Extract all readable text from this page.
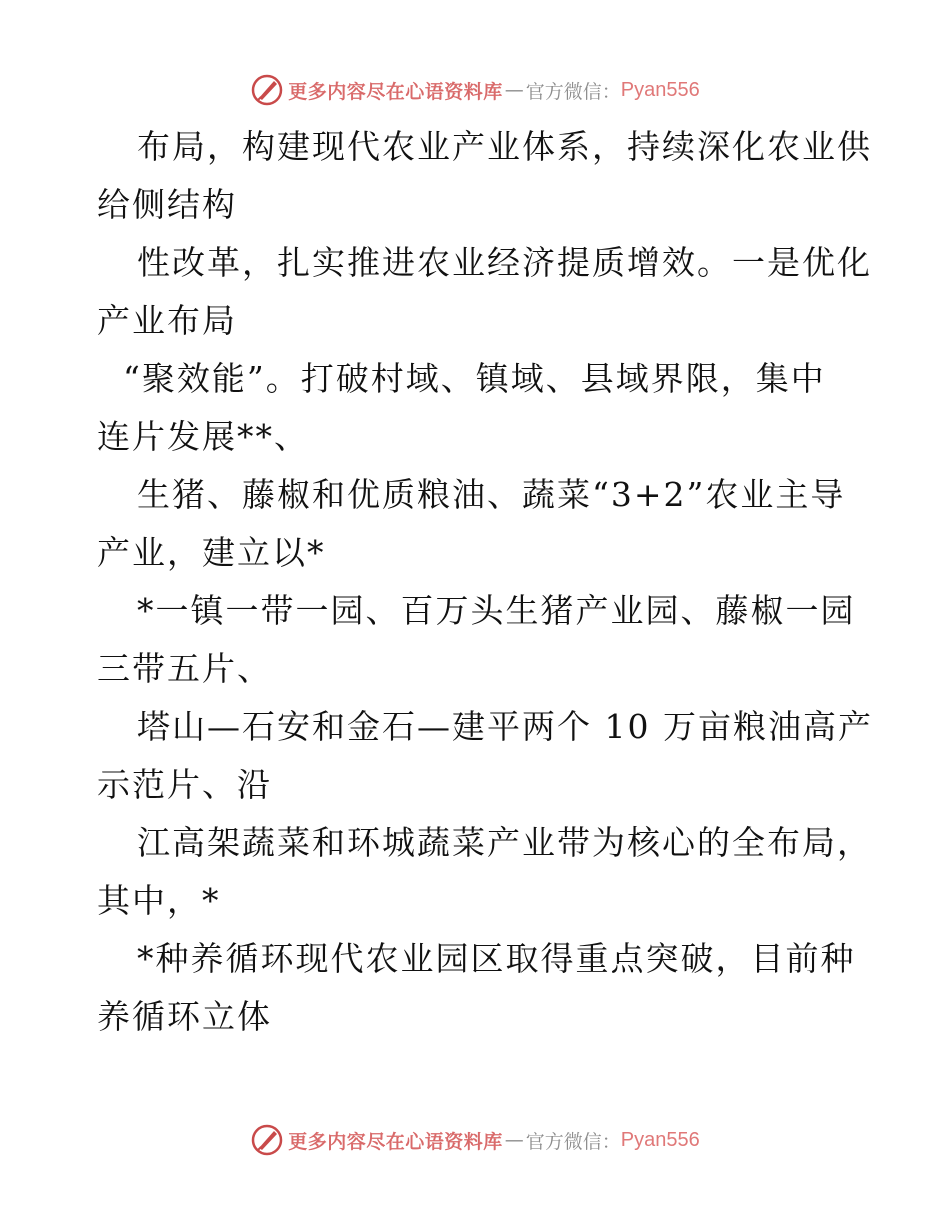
更多内容尽在心语资料库 — 官方微信： Pyan556
布局，构建现代农业产业体系，持续深化农业供
给侧结构
性改革，扎实推进农业经济提质增效。一是优化
产业布局
“聚效能”。打破村域、镇域、县域界限，集中
连片发展**、
生猪、藤椒和优质粮油、蔬菜“3+2”农业主导
产业，建立以*
*一镇一带一园、百万头生猪产业园、藤椒一园
三带五片、
塔山—石安和金石—建平两个 10 万亩粮油高产
示范片、沿
江高架蔬菜和环城蔬菜产业带为核心的全布局，
其中，*
*种养循环现代农业园区取得重点突破，目前种
养循环立体
更多内容尽在心语资料库 — 官方微信： Pyan556
